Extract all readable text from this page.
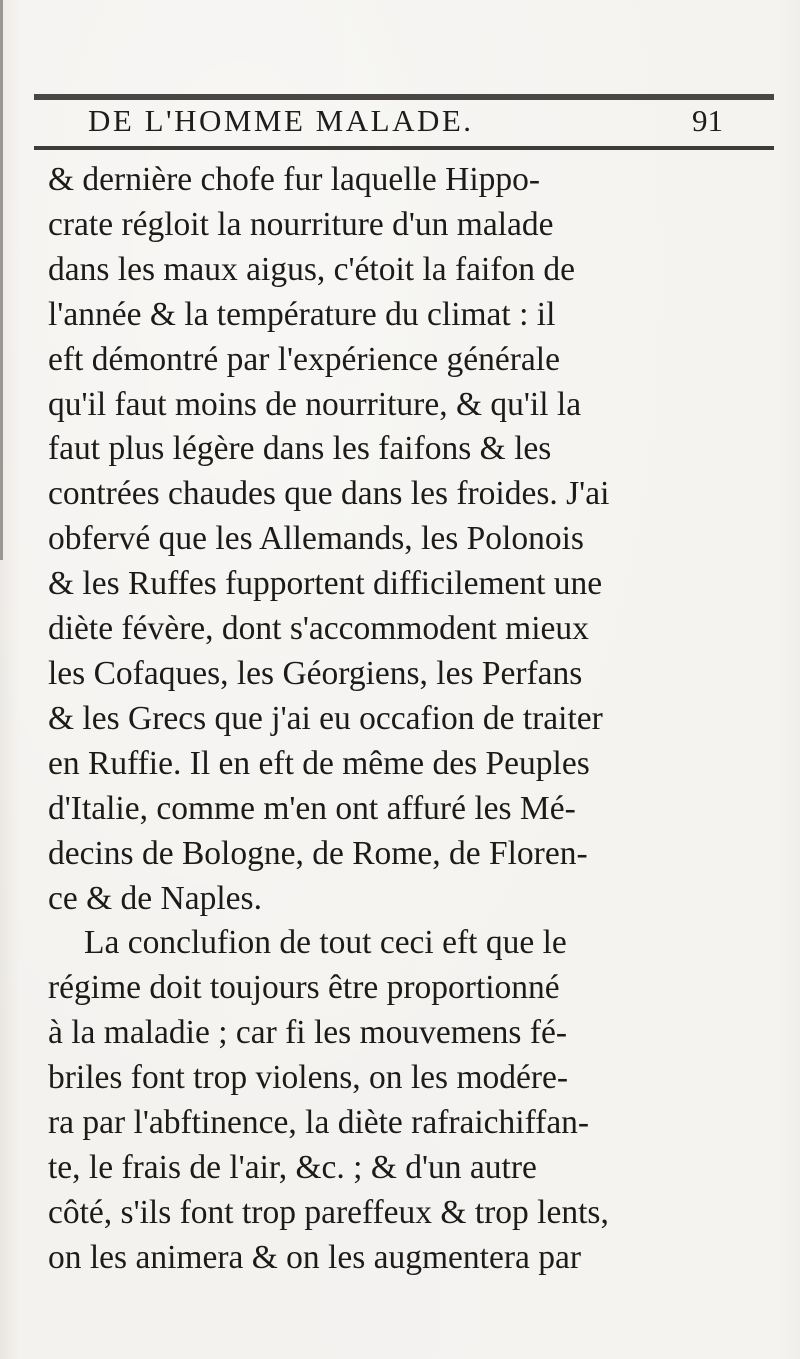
DE L'HOMME MALADE.	91
& dernière chofe fur laquelle Hippo-
crate régloit la nourriture d'un malade
dans les maux aigus, c'étoit la faifon de
l'année & la température du climat : il
eft démontré par l'expérience générale
qu'il faut moins de nourriture, & qu'il la
faut plus légère dans les faifons & les
contrées chaudes que dans les froides. J'ai
obfervé que les Allemands, les Polonois
& les Ruffes fupportent difficilement une
diète févère, dont s'accommodent mieux
les Cofaques, les Géorgiens, les Perfans
& les Grecs que j'ai eu occafion de traiter
en Ruffie. Il en eft de même des Peuples
d'Italie, comme m'en ont affuré les Mé-
decins de Bologne, de Rome, de Floren-
ce & de Naples.
La conclufion de tout ceci eft que le
régime doit toujours être proportionné
à la maladie ; car fi les mouvemens fé-
briles font trop violens, on les modére-
ra par l'abftinence, la diète rafraichiffan-
te, le frais de l'air, &c. ; & d'un autre
côté, s'ils font trop pareffeux & trop lents,
on les animera & on les augmentera par
